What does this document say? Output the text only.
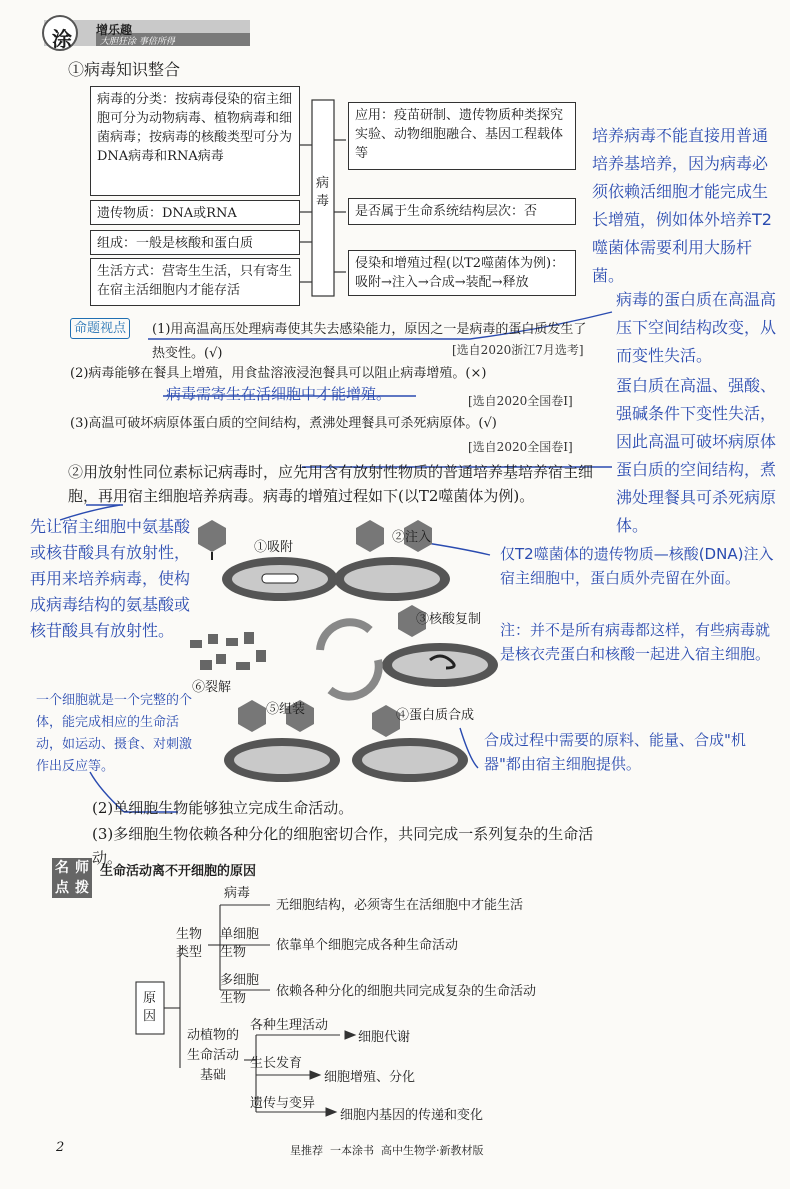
涂 增乐趣
大胆狂涂 事倍所得
①病毒知识整合
病毒的分类：按病毒侵染的宿主细胞可分为动物病毒、植物病毒和细菌病毒；按病毒的核酸类型可分为DNA病毒和RNA病毒
遗传物质：DNA或RNA
组成：一般是核酸和蛋白质
生活方式：营寄生生活，只有寄生在宿主活细胞内才能存活
病毒
应用：疫苗研制、遗传物质种类探究实验、动物细胞融合、基因工程载体等
是否属于生命系统结构层次：否
侵染和增殖过程(以T2噬菌体为例)：吸附→注入→合成→装配→释放
培养病毒不能直接用普通培养基培养，因为病毒必须依赖活细胞才能完成生长增殖，例如体外培养T2噬菌体需要利用大肠杆菌。
命题视点	(1)用高温高压处理病毒使其失去感染能力，原因之一是病毒的蛋白质发生了热变性。(√)	[选自2020浙江7月选考]
(2)病毒能够在餐具上增殖，用食盐溶液浸泡餐具可以阻止病毒增殖。(×)
[选自2020全国卷Ⅰ]
(3)高温可破坏病原体蛋白质的空间结构，煮沸处理餐具可杀死病原体。(√)
[选自2020全国卷Ⅰ]
病毒的蛋白质在高温高压下空间结构改变，从而变性失活。
病毒需寄生在活细胞中才能增殖。	蛋白质在高温、强酸、强碱条件下变性失活，因此高温可破坏病原体蛋白质的空间结构，煮沸处理餐具可杀死病原体。
②用放射性同位素标记病毒时，应先用含有放射性物质的普通培养基培养宿主细胞，再用宿主细胞培养病毒。病毒的增殖过程如下(以T2噬菌体为例)。
①吸附
②注入
③核酸复制
④蛋白质合成
⑤组装
⑥裂解
先让宿主细胞中氨基酸或核苷酸具有放射性，再用来培养病毒，使构成病毒结构的氨基酸或核苷酸具有放射性。
仅T2噬菌体的遗传物质—核酸(DNA)注入宿主细胞中，蛋白质外壳留在外面。
注：并不是所有病毒都这样，有些病毒就是核衣壳蛋白和核酸一起进入宿主细胞。
一个细胞就是一个完整的个体，能完成相应的生命活动，如运动、摄食、对刺激作出反应等。
合成过程中需要的原料、能量、合成"机器"都由宿主细胞提供。
(2)单细胞生物能够独立完成生命活动。
(3)多细胞生物依赖各种分化的细胞密切合作，共同完成一系列复杂的生命活动。
名 师
点 拨
生命活动离不开细胞的原因
原因
生物类型
病毒
无细胞结构，必须寄生在活细胞中才能生活
单细胞生物	依靠单个细胞完成各种生命活动
多细胞生物	依赖各种分化的细胞共同完成复杂的生命活动
动植物的生命活动基础
各种生理活动
细胞代谢
生长发育
细胞增殖、分化
遗传与变异
细胞内基因的传递和变化
2	星推荐  一本涂书  高中生物学·新教材版
